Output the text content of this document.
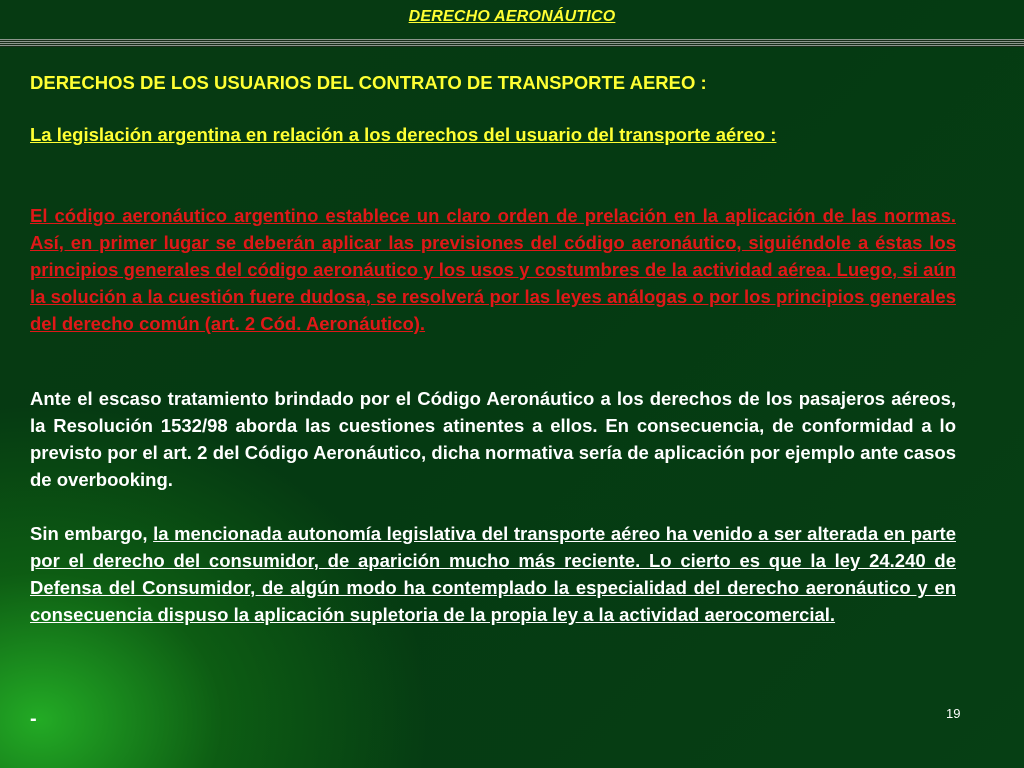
DERECHO AERONÁUTICO

DERECHOS DE LOS USUARIOS DEL CONTRATO DE TRANSPORTE AEREO :

La legislación argentina en relación a los derechos del usuario del transporte aéreo :

El código aeronáutico argentino establece un claro orden de prelación en la aplicación de las normas. Así, en primer lugar se deberán aplicar las previsiones del código aeronáutico, siguiéndole a éstas los principios generales del código aeronáutico y los usos y costumbres de la actividad aérea. Luego, si aún la solución a la cuestión fuere dudosa, se resolverá por las leyes análogas o por los principios generales del derecho común (art. 2 Cód. Aeronáutico).

Ante el escaso tratamiento brindado por el Código Aeronáutico a los derechos de los pasajeros aéreos, la Resolución 1532/98 aborda las cuestiones atinentes a ellos. En consecuencia, de conformidad a lo previsto por el art. 2 del Código Aeronáutico, dicha normativa sería de aplicación por ejemplo ante casos de overbooking.

Sin embargo, la mencionada autonomía legislativa del transporte aéreo ha venido a ser alterada en parte por el derecho del consumidor, de aparición mucho más reciente. Lo cierto es que la ley 24.240 de Defensa del Consumidor, de algún modo ha contemplado la especialidad del derecho aeronáutico y en consecuencia dispuso la aplicación supletoria de la propia ley a la actividad aerocomercial.

-	19
